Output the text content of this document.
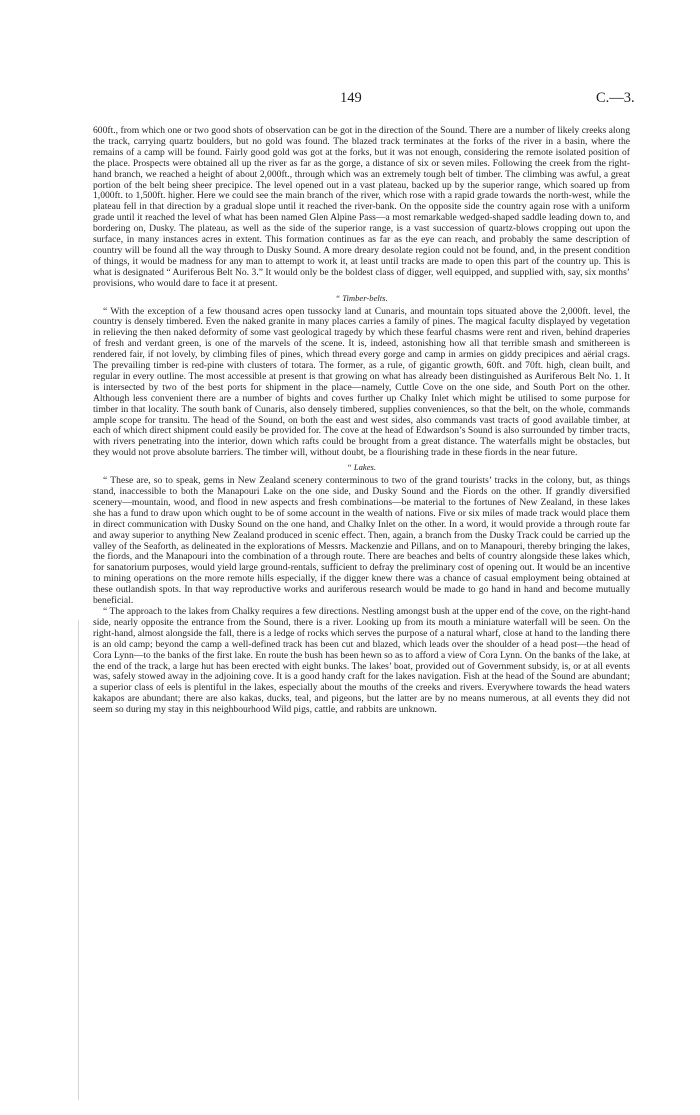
149	C.—3.

600ft., from which one or two good shots of observation can be got in the direction of the Sound. There are a number of likely creeks along the track, carrying quartz boulders, but no gold was found. The blazed track terminates at the forks of the river in a basin, where the remains of a camp will be found. Fairly good gold was got at the forks, but it was not enough, considering the remote isolated position of the place. Prospects were obtained all up the river as far as the gorge, a distance of six or seven miles. Following the creek from the right-hand branch, we reached a height of about 2,000ft., through which was an extremely tough belt of timber. The climbing was awful, a great portion of the belt being sheer precipice. The level opened out in a vast plateau, backed up by the superior range, which soared up from 1,000ft. to 1,500ft. higher. Here we could see the main branch of the river, which rose with a rapid grade towards the north-west, while the plateau fell in that direction by a gradual slope until it reached the river-bank. On the opposite side the country again rose with a uniform grade until it reached the level of what has been named Glen Alpine Pass—a most remarkable wedged-shaped saddle leading down to, and bordering on, Dusky. The plateau, as well as the side of the superior range, is a vast succession of quartz-blows cropping out upon the surface, in many instances acres in extent. This formation continues as far as the eye can reach, and probably the same description of country will be found all the way through to Dusky Sound. A more dreary desolate region could not be found, and, in the present condition of things, it would be madness for any man to attempt to work it, at least until tracks are made to open this part of the country up. This is what is designated “ Auriferous Belt No. 3.” It would only be the boldest class of digger, well equipped, and supplied with, say, six months’ provisions, who would dare to face it at present.

“ Timber-belts.

“ With the exception of a few thousand acres open tussocky land at Cunaris, and mountain tops situated above the 2,000ft. level, the country is densely timbered. Even the naked granite in many places carries a family of pines. The magical faculty displayed by vegetation in relieving the then naked deformity of some vast geological tragedy by which these fearful chasms were rent and riven, behind draperies of fresh and verdant green, is one of the marvels of the scene. It is, indeed, astonishing how all that terrible smash and smithereen is rendered fair, if not lovely, by climbing files of pines, which thread every gorge and camp in armies on giddy precipices and aërial crags. The prevailing timber is red-pine with clusters of totara. The former, as a rule, of gigantic growth, 60ft. and 70ft. high, clean built, and regular in every outline. The most accessible at present is that growing on what has already been distinguished as Auriferous Belt No. 1. It is intersected by two of the best ports for shipment in the place—namely, Cuttle Cove on the one side, and South Port on the other. Although less convenient there are a number of bights and coves further up Chalky Inlet which might be utilised to some purpose for timber in that locality. The south bank of Cunaris, also densely timbered, supplies conveniences, so that the belt, on the whole, commands ample scope for transitu. The head of the Sound, on both the east and west sides, also commands vast tracts of good available timber, at each of which direct shipment could easily be provided for. The cove at the head of Edwardson’s Sound is also surrounded by timber tracts, with rivers penetrating into the interior, down which rafts could be brought from a great distance. The waterfalls might be obstacles, but they would not prove absolute barriers. The timber will, without doubt, be a flourishing trade in these fiords in the near future.

“ Lakes.

“ These are, so to speak, gems in New Zealand scenery conterminous to two of the grand tourists’ tracks in the colony, but, as things stand, inaccessible to both the Manapouri Lake on the one side, and Dusky Sound and the Fiords on the other. If grandly diversified scenery—mountain, wood, and flood in new aspects and fresh combinations—be material to the fortunes of New Zealand, in these lakes she has a fund to draw upon which ought to be of some account in the wealth of nations. Five or six miles of made track would place them in direct communication with Dusky Sound on the one hand, and Chalky Inlet on the other. In a word, it would provide a through route far and away superior to anything New Zealand produced in scenic effect. Then, again, a branch from the Dusky Track could be carried up the valley of the Seaforth, as delineated in the explorations of Messrs. Mackenzie and Pillans, and on to Manapouri, thereby bringing the lakes, the fiords, and the Manapouri into the combination of a through route. There are beaches and belts of country alongside these lakes which, for sanatorium purposes, would yield large ground-rentals, sufficient to defray the preliminary cost of opening out. It would be an incentive to mining operations on the more remote hills especially, if the digger knew there was a chance of casual employment being obtained at these outlandish spots. In that way reproductive works and auriferous research would be made to go hand in hand and become mutually beneficial.

“ The approach to the lakes from Chalky requires a few directions. Nestling amongst bush at the upper end of the cove, on the right-hand side, nearly opposite the entrance from the Sound, there is a river. Looking up from its mouth a miniature waterfall will be seen. On the right-hand, almost alongside the fall, there is a ledge of rocks which serves the purpose of a natural wharf, close at hand to the landing there is an old camp; beyond the camp a well-defined track has been cut and blazed, which leads over the shoulder of a head post—the head of Cora Lynn—to the banks of the first lake. En route the bush has been hewn so as to afford a view of Cora Lynn. On the banks of the lake, at the end of the track, a large hut has been erected with eight bunks. The lakes’ boat, provided out of Government subsidy, is, or at all events was, safely stowed away in the adjoining cove. It is a good handy craft for the lakes navigation. Fish at the head of the Sound are abundant; a superior class of eels is plentiful in the lakes, especially about the mouths of the creeks and rivers. Everywhere towards the head waters kakapos are abundant; there are also kakas, ducks, teal, and pigeons, but the latter are by no means numerous, at all events they did not seem so during my stay in this neighbourhood Wild pigs, cattle, and rabbits are unknown.
